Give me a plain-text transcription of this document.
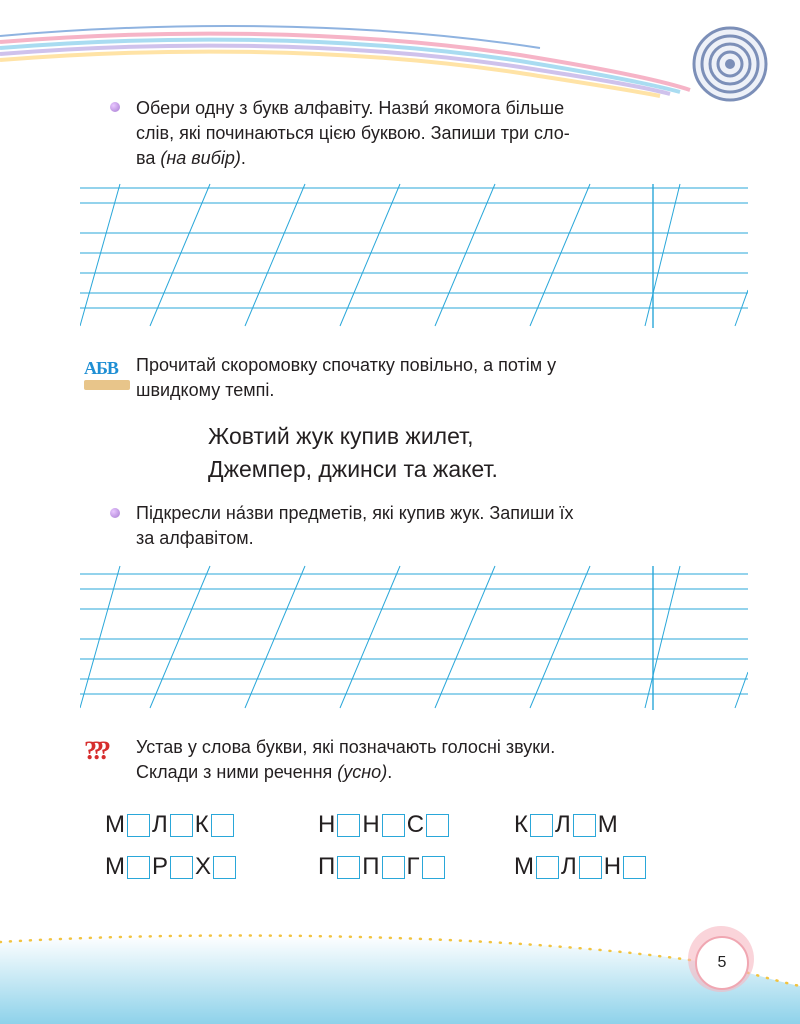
Обери одну з букв алфавіту. Назви́ якомога більше
слів, які починаються цією буквою. Запиши три сло-
ва (на вибір).
АБВ Прочитай скоромовку спочатку повільно, а потім у
швидкому темпі.
Жовтий жук купив жилет,
Джемпер, джинси та жакет.
Підкресли на́зви предметів, які купив жук. Запиши їх
за алфавітом.
??? Устав у слова букви, які позначають голосні звуки.
Склади з ними речення (усно).
М Л К	Н Н С	К Л М
М Р Х	П П Г	М Л Н
5
